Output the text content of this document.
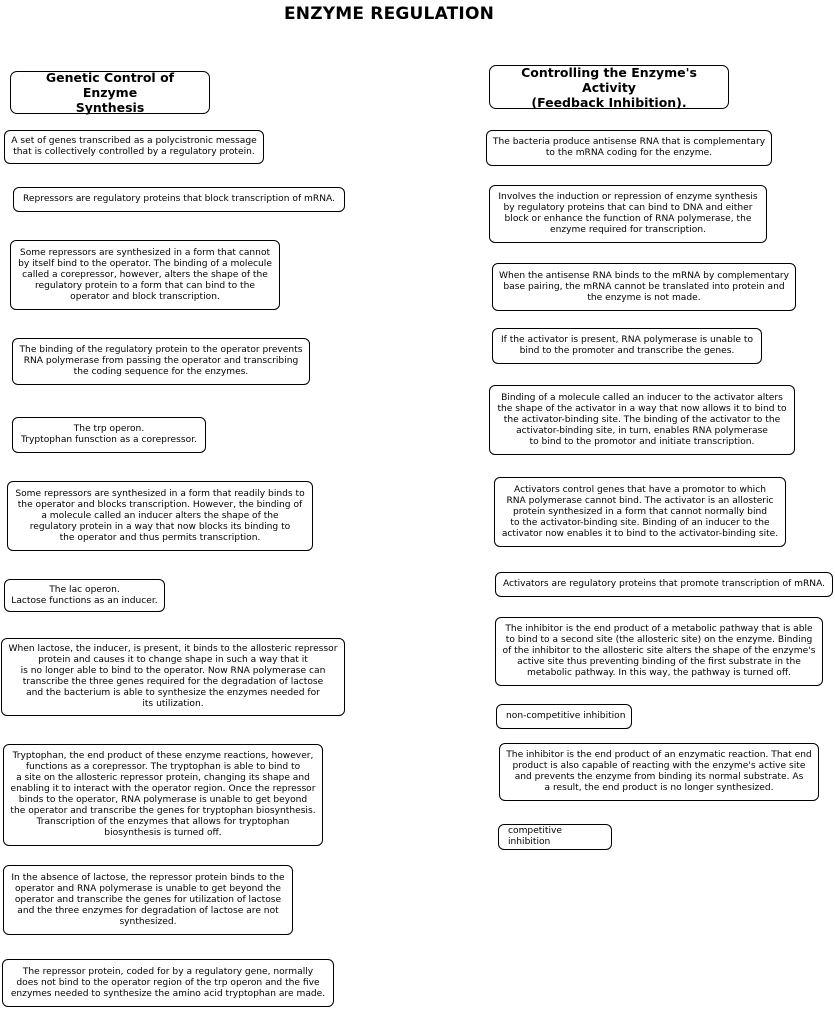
ENZYME REGULATION
Genetic Control of Enzyme
Synthesis
Controlling the Enzyme's Activity
(Feedback Inhibition).
A set of genes transcribed as a polycistronic message
that is collectively controlled by a regulatory protein.
Repressors are regulatory proteins that block transcription of mRNA.
Some repressors are synthesized in a form that cannot
by itself bind to the operator. The binding of a molecule
called a corepressor, however, alters the shape of the
regulatory protein to a form that can bind to the
operator and block transcription.
The binding of the regulatory protein to the operator prevents
RNA polymerase from passing the operator and transcribing
the coding sequence for the enzymes.
The trp operon.
Tryptophan funsction as a corepressor.
Some repressors are synthesized in a form that readily binds to
the operator and blocks transcription. However, the binding of
a molecule called an inducer alters the shape of the
regulatory protein in a way that now blocks its binding to
the operator and thus permits transcription.
The lac operon.
Lactose functions as an inducer.
When lactose, the inducer, is present, it binds to the allosteric repressor
protein and causes it to change shape in such a way that it
is no longer able to bind to the operator. Now RNA polymerase can
transcribe the three genes required for the degradation of lactose
and the bacterium is able to synthesize the enzymes needed for
its utilization.
Tryptophan, the end product of these enzyme reactions, however,
functions as a corepressor. The tryptophan is able to bind to
a site on the allosteric repressor protein, changing its shape and
enabling it to interact with the operator region. Once the repressor
binds to the operator, RNA polymerase is unable to get beyond
the operator and transcribe the genes for tryptophan biosynthesis.
Transcription of the enzymes that allows for tryptophan
biosynthesis is turned off.
In the absence of lactose, the repressor protein binds to the
operator and RNA polymerase is unable to get beyond the
operator and transcribe the genes for utilization of lactose
and the three enzymes for degradation of lactose are not
synthesized.
The repressor protein, coded for by a regulatory gene, normally
does not bind to the operator region of the trp operon and the five
enzymes needed to synthesize the amino acid tryptophan are made.
The bacteria produce antisense RNA that is complementary
to the mRNA coding for the enzyme.
Involves the induction or repression of enzyme synthesis
by regulatory proteins that can bind to DNA and either
block or enhance the function of RNA polymerase, the
enzyme required for transcription.
When the antisense RNA binds to the mRNA by complementary
base pairing, the mRNA cannot be translated into protein and
the enzyme is not made.
If the activator is present, RNA polymerase is unable to
bind to the promoter and transcribe the genes.
Binding of a molecule called an inducer to the activator alters
the shape of the activator in a way that now allows it to bind to
the activator-binding site. The binding of the activator to the
activator-binding site, in turn, enables RNA polymerase
to bind to the promotor and initiate transcription.
Activators control genes that have a promotor to which
RNA polymerase cannot bind. The activator is an allosteric
protein synthesized in a form that cannot normally bind
to the activator-binding site. Binding of an inducer to the
activator now enables it to bind to the activator-binding site.
Activators are regulatory proteins that promote transcription of mRNA.
The inhibitor is the end product of a metabolic pathway that is able
to bind to a second site (the allosteric site) on the enzyme. Binding
of the inhibitor to the allosteric site alters the shape of the enzyme's
active site thus preventing binding of the first substrate in the
metabolic pathway. In this way, the pathway is turned off.
non-competitive inhibition
The inhibitor is the end product of an enzymatic reaction. That end
product is also capable of reacting with the enzyme's active site
and prevents the enzyme from binding its normal substrate. As
a result, the end product is no longer synthesized.
competitive inhibition
